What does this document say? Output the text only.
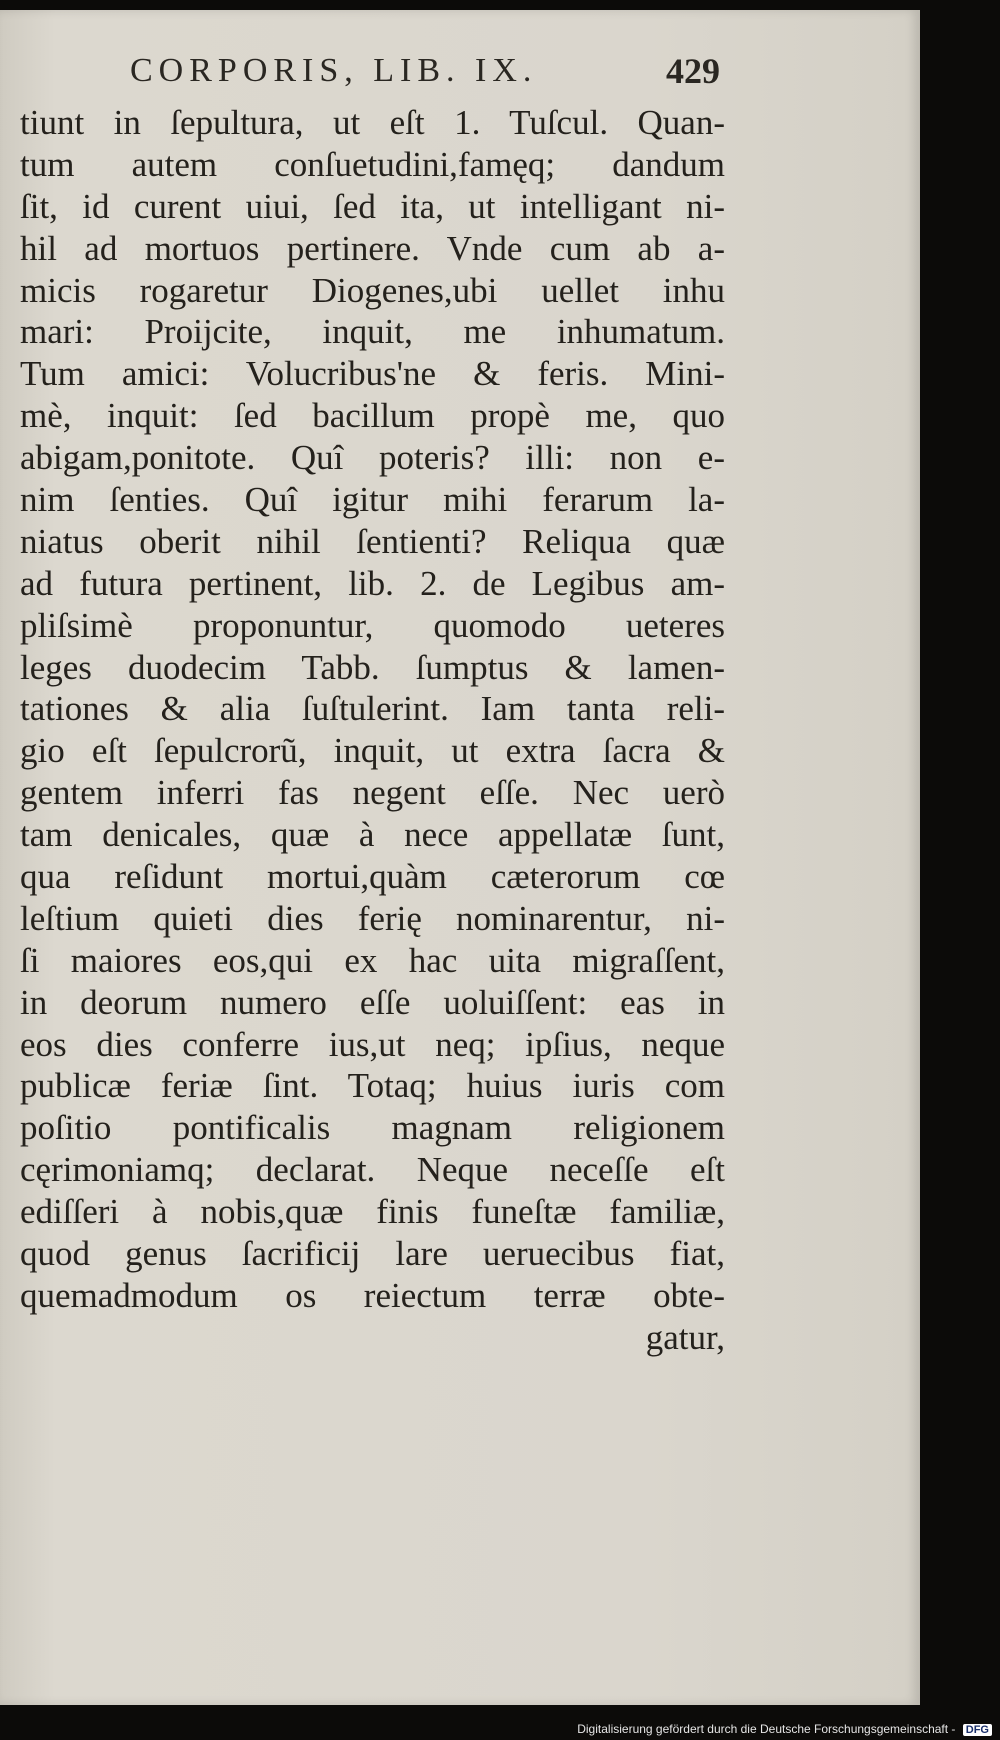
CORPORIS, LIB. IX.	429
tiunt in ſepultura, ut eſt 1. Tuſcul. Quan-
tum autem conſuetudini,famęq; dandum
ſit, id curent uiui, ſed ita, ut intelligant ni-
hil ad mortuos pertinere. Vnde cum ab a-
micis rogaretur Diogenes,ubi uellet inhu
mari: Proijcite, inquit, me inhumatum.
Tum amici: Volucribus'ne & feris. Mini-
mè, inquit: ſed bacillum propè me, quo
abigam,ponitote. Quî poteris? illi: non e-
nim ſenties. Quî igitur mihi ferarum la-
niatus oberit nihil ſentienti? Reliqua quæ
ad futura pertinent, lib. 2. de Legibus am-
pliſsimè proponuntur, quomodo ueteres
leges duodecim Tabb. ſumptus & lamen-
tationes & alia ſuſtulerint. Iam tanta reli-
gio eſt ſepulcrorũ, inquit, ut extra ſacra &
gentem inferri fas negent eſſe. Nec uerò
tam denicales, quæ à nece appellatæ ſunt,
qua reſidunt mortui,quàm cæterorum cœ
leſtium quieti dies ferię nominarentur, ni-
ſi maiores eos,qui ex hac uita migraſſent,
in deorum numero eſſe uoluiſſent: eas in
eos dies conferre ius,ut neq; ipſius, neque
publicæ feriæ ſint. Totaq; huius iuris com
poſitio pontificalis magnam religionem
cęrimoniamq; declarat. Neque neceſſe eſt
ediſſeri à nobis,quæ finis funeſtæ familiæ,
quod genus ſacrificij lare ueruecibus fiat,
quemadmodum os reiectum terræ obte-
gatur,
Digitalisierung gefördert durch die Deutsche Forschungsgemeinschaft - DFG
